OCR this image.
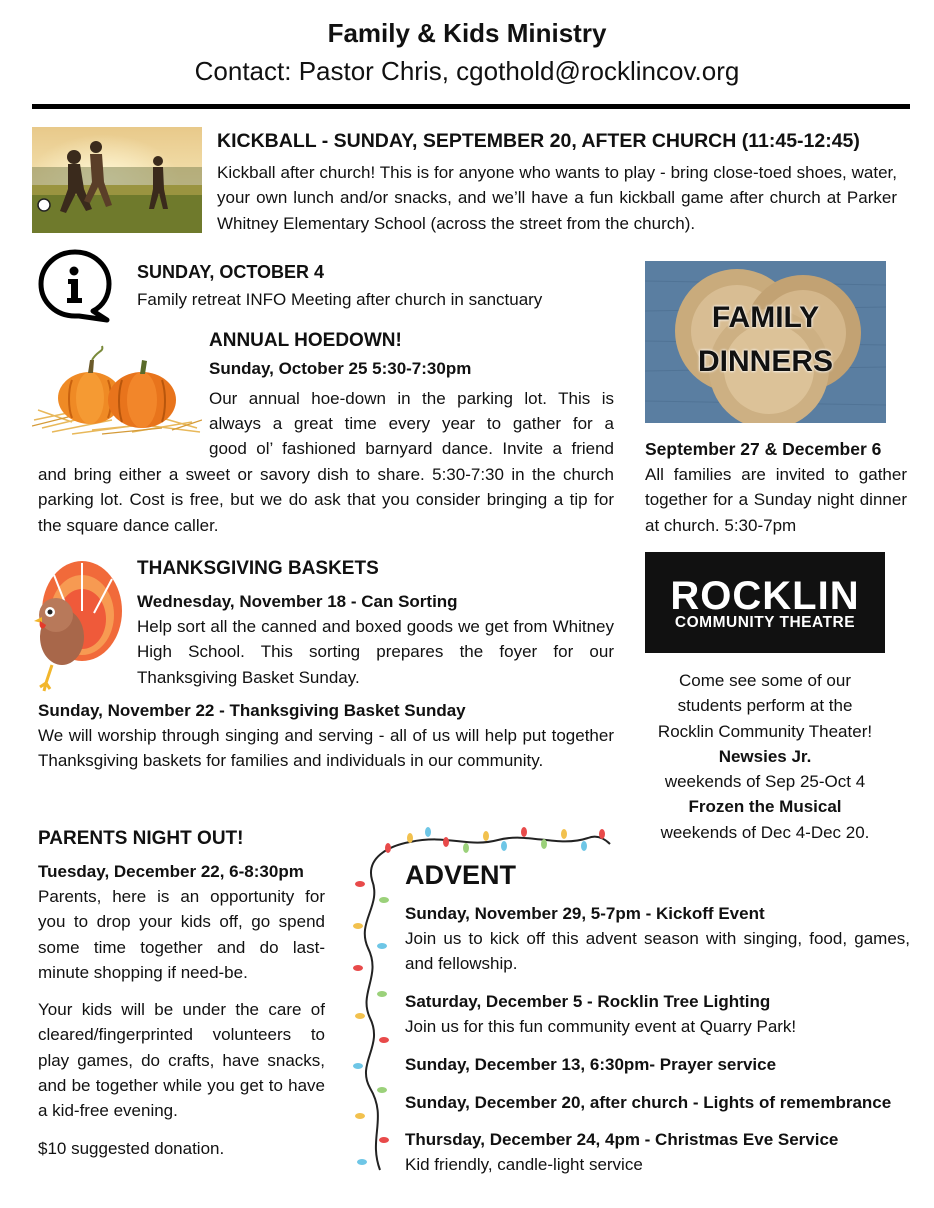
Family & Kids Ministry
Contact: Pastor Chris, cgothold@rocklincov.org
KICKBALL - SUNDAY, SEPTEMBER 20, AFTER CHURCH (11:45-12:45)

Kickball after church! This is for anyone who wants to play - bring close-toed shoes, water, your own lunch and/or snacks, and we’ll have a fun kickball game after church at Parker Whitney Elementary School (across the street from the church).

SUNDAY, OCTOBER 4

Family retreat INFO Meeting after church in sanctuary

ANNUAL HOEDOWN!
Sunday, October 25 5:30-7:30pm

Our annual hoe-down in the parking lot. This is

always a great time every year to gather for a

good ol’ fashioned barnyard dance. Invite a friend

and bring either a sweet or savory dish to share. 5:30-7:30 in the church parking lot. Cost is free, but we do ask that you consider bringing a tip for the square dance caller.

FAMILY
DINNERS
September 27 & December 6

All families are invited to gather together for a Sunday night dinner at church. 5:30-7pm

THANKSGIVING BASKETS
Wednesday, November 18 - Can Sorting

Help sort all the canned and boxed goods we get from Whitney High School. This sorting prepares the foyer for our Thanksgiving Basket Sunday.

Sunday, November 22 - Thanksgiving Basket Sunday

We will worship through singing and serving - all of us will help put together Thanksgiving baskets for families and individuals in our community.

ROCKLIN
COMMUNITY THEATRE
Come see some of our
students perform at the
Rocklin Community Theater!
Newsies Jr.
weekends of Sep 25-Oct 4
Frozen the Musical
weekends of Dec 4-Dec 20.
PARENTS NIGHT OUT!
Tuesday, December 22, 6-8:30pm

Parents, here is an opportunity for you to drop your kids off, go spend some time together and do last-minute shopping if need-be.

Your kids will be under the care of cleared/fingerprinted volunteers to play games, do crafts, have snacks, and be together while you get to have a kid-free evening.

$10 suggested donation.

ADVENT
Sunday, November 29, 5-7pm - Kickoff Event

Join us to kick off this advent season with singing, food, games, and fellowship.

Saturday, December 5 - Rocklin Tree Lighting

Join us for this fun community event at Quarry Park!

Sunday, December 13, 6:30pm- Prayer service
Sunday, December 20, after church - Lights of remembrance
Thursday, December 24, 4pm - Christmas Eve Service

Kid friendly, candle-light service
